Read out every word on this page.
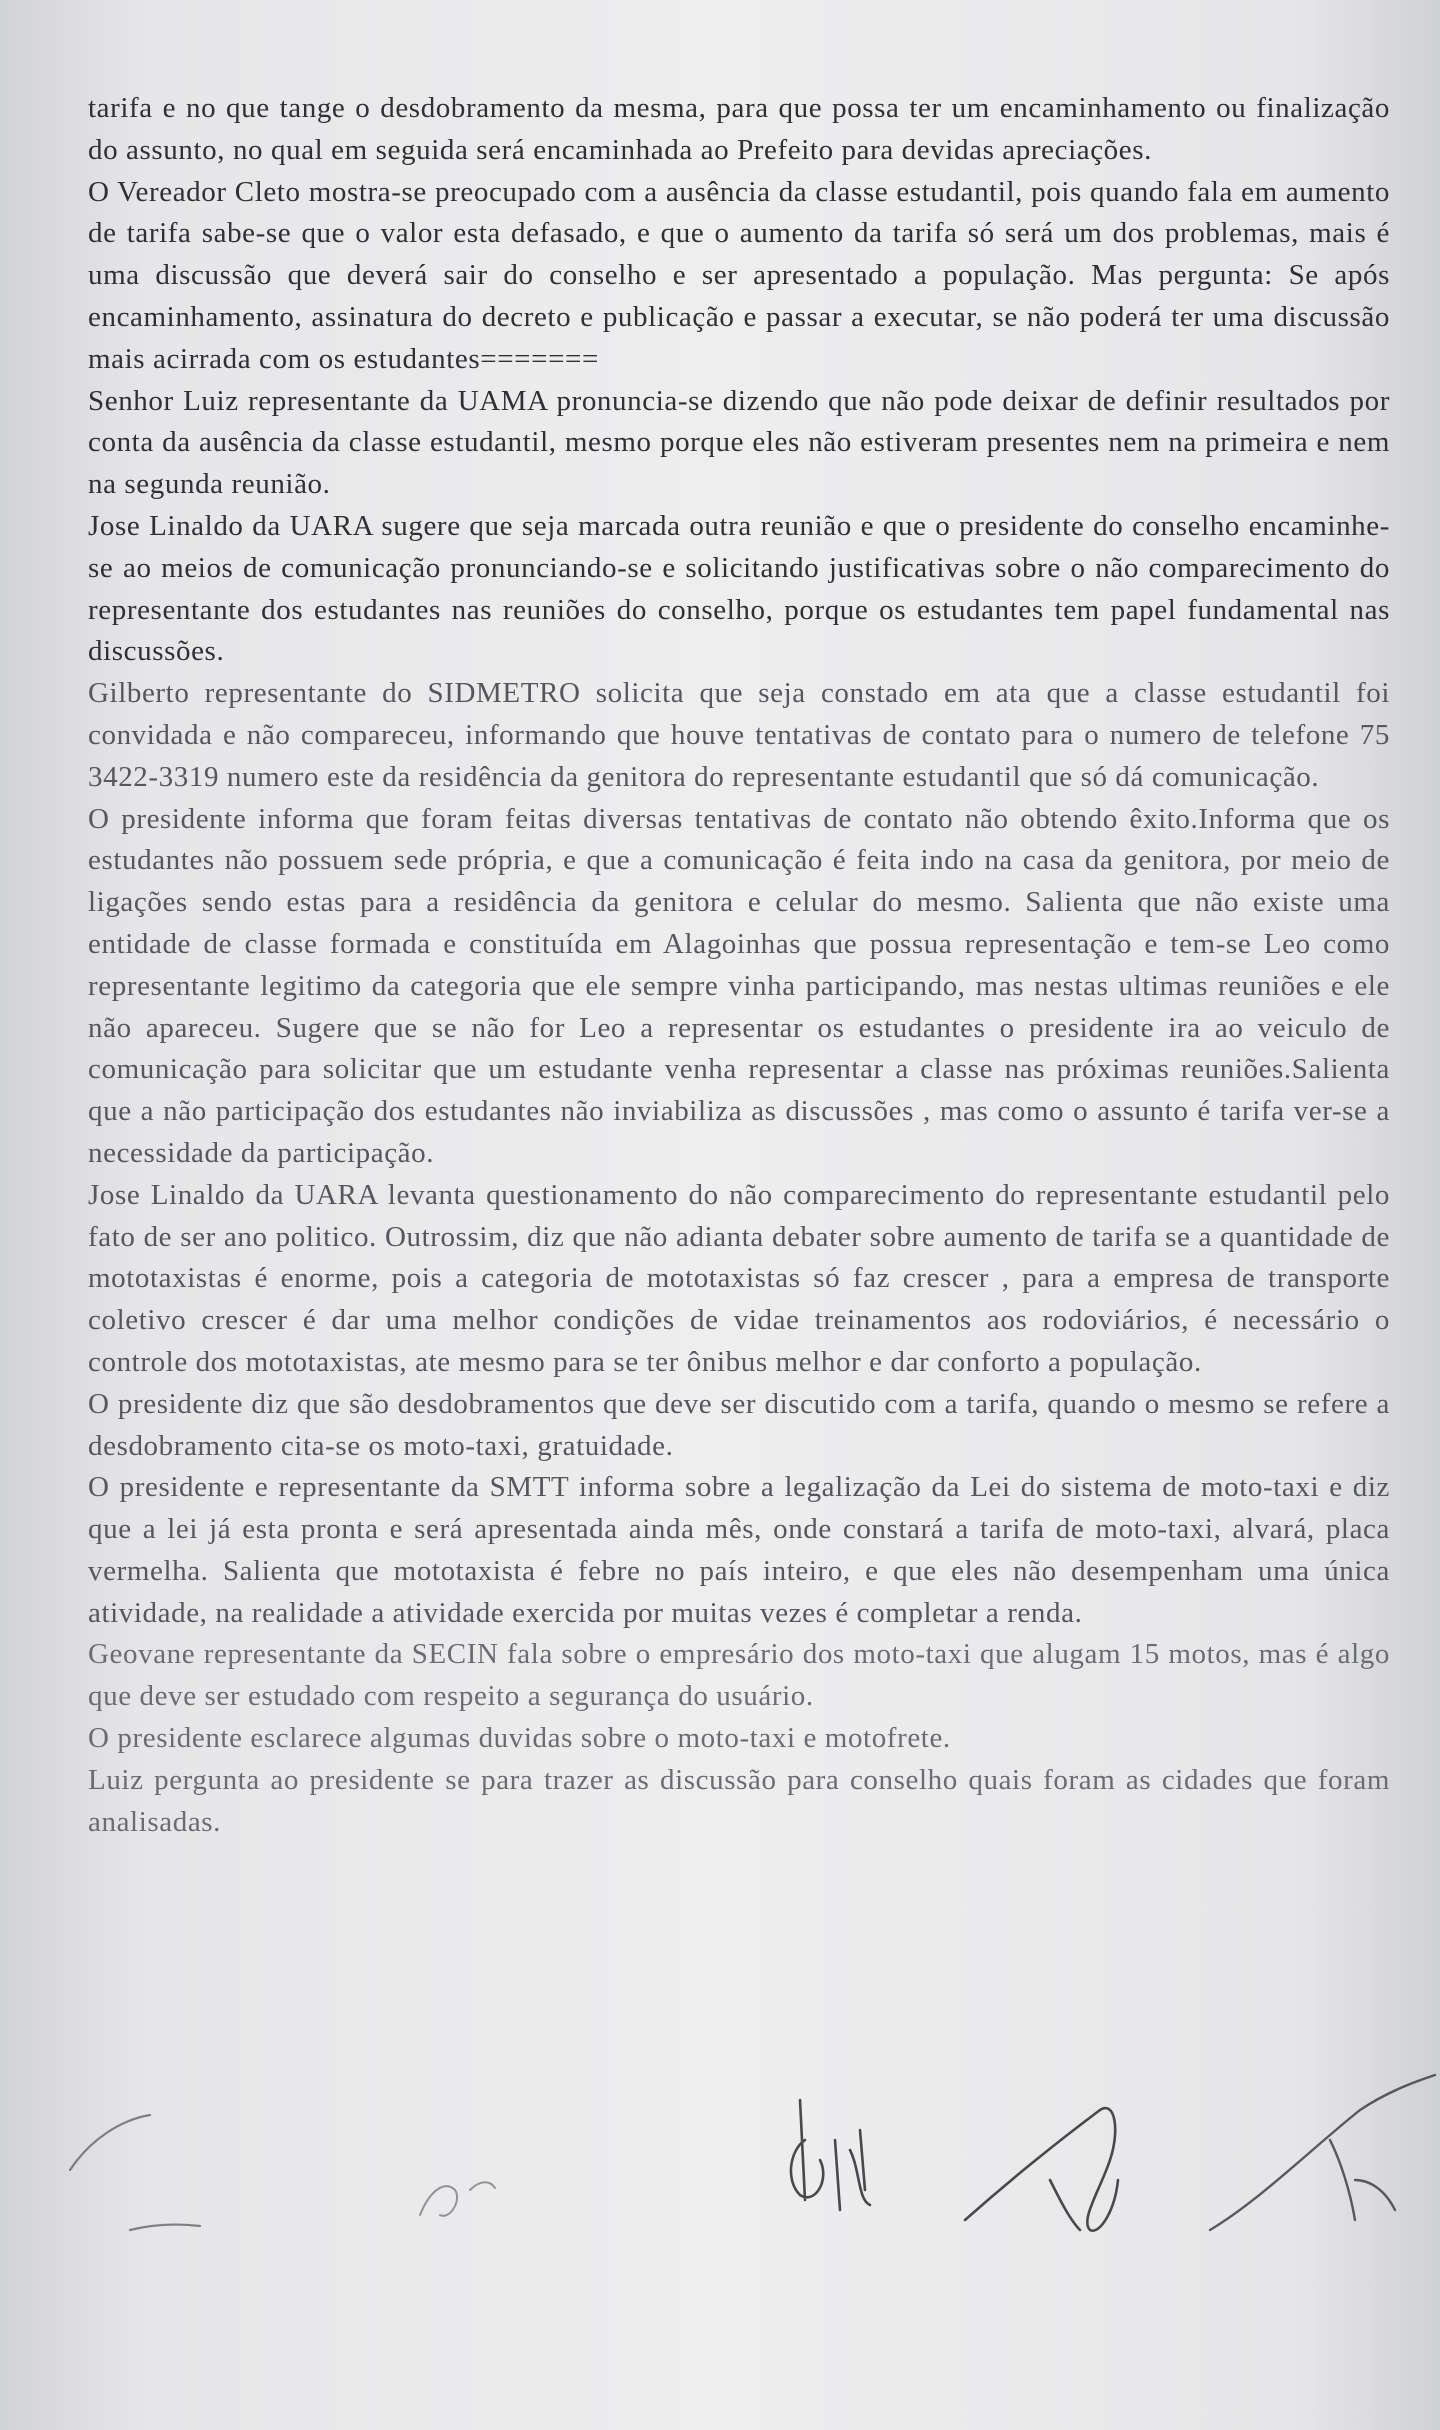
tarifa e no que tange o desdobramento da mesma, para que possa ter um encaminhamento ou finalização do assunto, no qual em seguida será encaminhada ao Prefeito para devidas apreciações.

O Vereador Cleto mostra-se preocupado com a ausência da classe estudantil, pois quando fala em aumento de tarifa sabe-se que o valor esta defasado, e que o aumento da tarifa só será um dos problemas, mais é uma discussão que deverá sair do conselho e ser apresentado a população. Mas pergunta: Se após encaminhamento, assinatura do decreto e publicação e passar a executar, se não poderá ter uma discussão mais acirrada com os estudantes=======

Senhor Luiz representante da UAMA pronuncia-se dizendo que não pode deixar de definir resultados por conta da ausência da classe estudantil, mesmo porque eles não estiveram presentes nem na primeira e nem na segunda reunião.

Jose Linaldo da UARA sugere que seja marcada outra reunião e que o presidente do conselho encaminhe-se ao meios de comunicação pronunciando-se e solicitando justificativas sobre o não comparecimento do representante dos estudantes nas reuniões do conselho, porque os estudantes tem papel fundamental nas discussões.

Gilberto representante do SIDMETRO solicita que seja constado em ata que a classe estudantil foi convidada e não compareceu, informando que houve tentativas de contato para o numero de telefone 75 3422-3319 numero este da residência da genitora do representante estudantil que só dá comunicação.

O presidente informa que foram feitas diversas tentativas de contato não obtendo êxito.Informa que os estudantes não possuem sede própria, e que a comunicação é feita indo na casa da genitora, por meio de ligações sendo estas para a residência da genitora e celular do mesmo. Salienta que não existe uma entidade de classe formada e constituída em Alagoinhas que possua representação e tem-se Leo como representante legitimo da categoria que ele sempre vinha participando, mas nestas ultimas reuniões e ele não apareceu. Sugere que se não for Leo a representar os estudantes o presidente ira ao veiculo de comunicação para solicitar que um estudante venha representar a classe nas próximas reuniões.Salienta que a não participação dos estudantes não inviabiliza as discussões , mas como o assunto é tarifa ver-se a necessidade da participação.

Jose Linaldo da UARA levanta questionamento do não comparecimento do representante estudantil pelo fato de ser ano politico. Outrossim, diz que não adianta debater sobre aumento de tarifa se a quantidade de mototaxistas é enorme, pois a categoria de mototaxistas só faz crescer , para a empresa de transporte coletivo crescer é dar uma melhor condições de vidae treinamentos aos rodoviários, é necessário o controle dos mototaxistas, ate mesmo para se ter ônibus melhor e dar conforto a população.

O presidente diz que são desdobramentos que deve ser discutido com a tarifa, quando o mesmo se refere a desdobramento cita-se os moto-taxi, gratuidade.

O presidente e representante da SMTT informa sobre a legalização da Lei do sistema de moto-taxi e diz que a lei já esta pronta e será apresentada ainda mês, onde constará a tarifa de moto-taxi, alvará, placa vermelha. Salienta que mototaxista é febre no país inteiro, e que eles não desempenham uma única atividade, na realidade a atividade exercida por muitas vezes é completar a renda.

Geovane representante da SECIN fala sobre o empresário dos moto-taxi que alugam 15 motos, mas é algo que deve ser estudado com respeito a segurança do usuário.

O presidente esclarece algumas duvidas sobre o moto-taxi e motofrete.

Luiz pergunta ao presidente se para trazer as discussão para conselho quais foram as cidades que foram analisadas.
